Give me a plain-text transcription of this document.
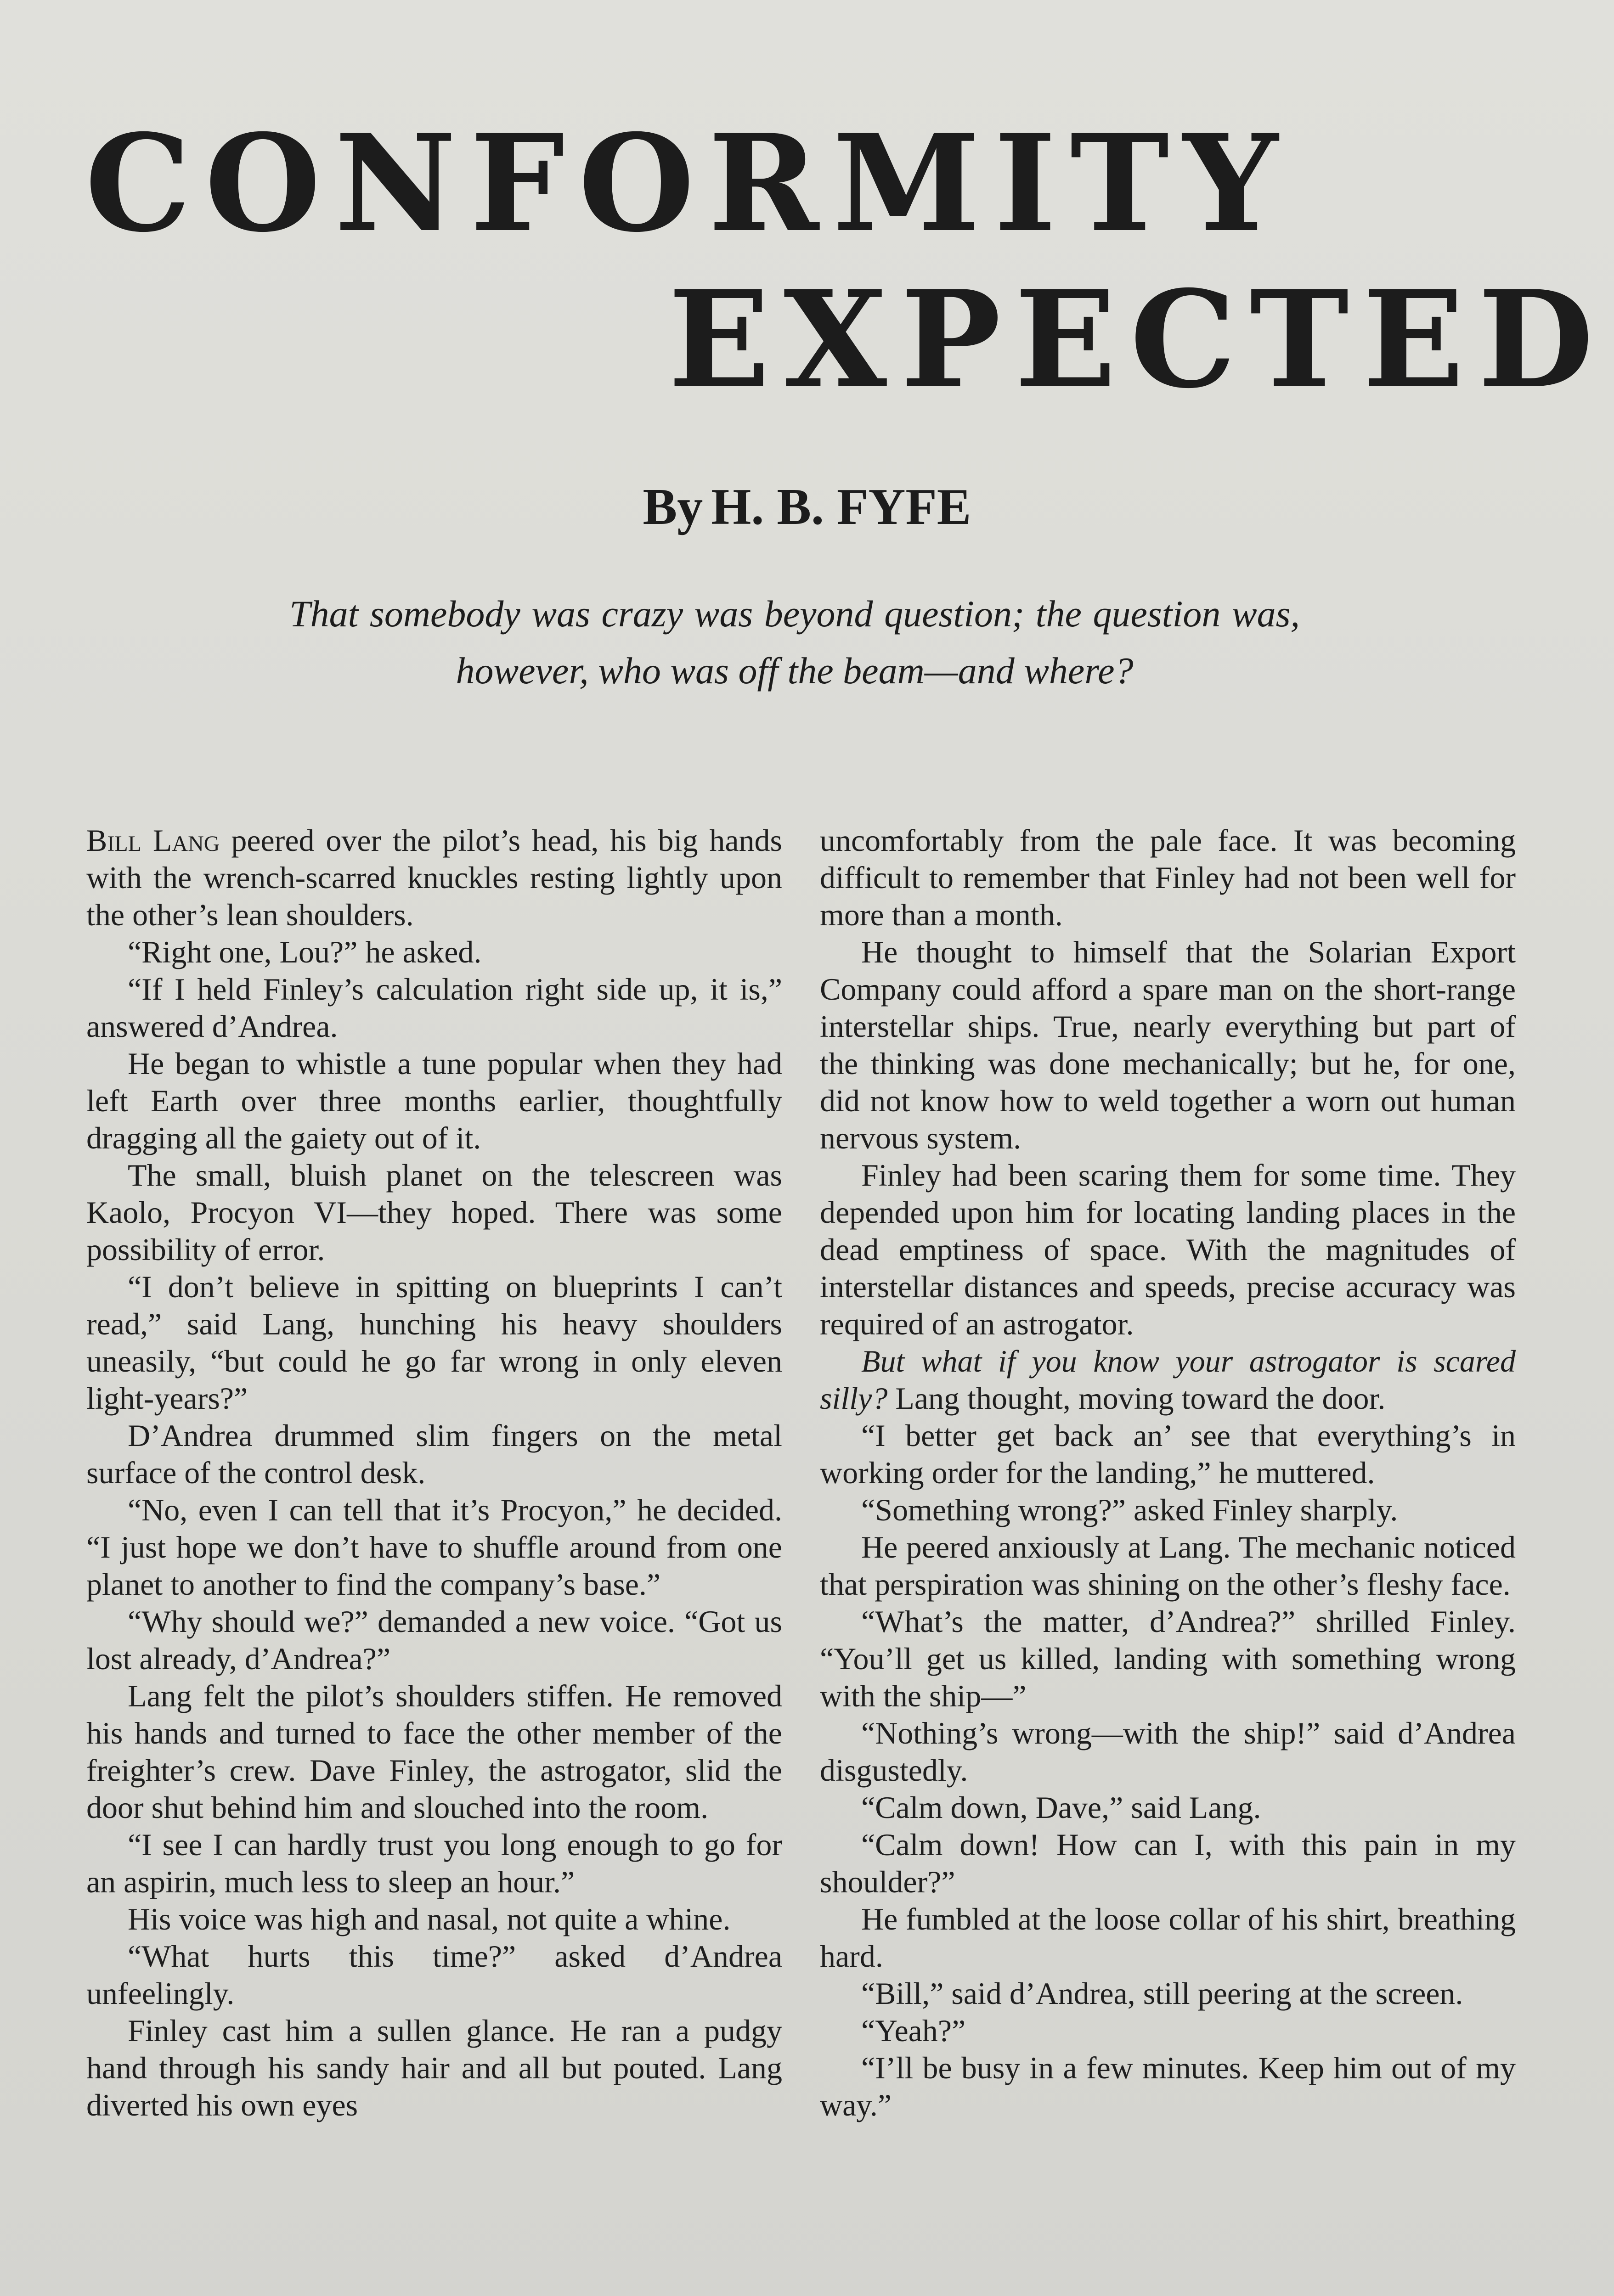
CONFORMITY
EXPECTED
By H. B. FYFE
That somebody was crazy was beyond question; the question was, however, who was off the beam—and where?

Bill Lang peered over the pilot’s head, his big hands with the wrench-scarred knuckles resting lightly upon the other’s lean shoulders.

“Right one, Lou?” he asked.

“If I held Finley’s calculation right side up, it is,” answered d’Andrea.

He began to whistle a tune popular when they had left Earth over three months earlier, thoughtfully dragging all the gaiety out of it.

The small, bluish planet on the telescreen was Kaolo, Procyon VI—they hoped. There was some possibility of error.

“I don’t believe in spitting on blueprints I can’t read,” said Lang, hunching his heavy shoulders uneasily, “but could he go far wrong in only eleven light-years?”

D’Andrea drummed slim fingers on the metal surface of the control desk.

“No, even I can tell that it’s Procyon,” he decided. “I just hope we don’t have to shuffle around from one planet to another to find the company’s base.”

“Why should we?” demanded a new voice. “Got us lost already, d’Andrea?”

Lang felt the pilot’s shoulders stiffen. He removed his hands and turned to face the other member of the freighter’s crew. Dave Finley, the astrogator, slid the door shut behind him and slouched into the room.

“I see I can hardly trust you long enough to go for an aspirin, much less to sleep an hour.”

His voice was high and nasal, not quite a whine.

“What hurts this time?” asked d’Andrea unfeelingly.

Finley cast him a sullen glance. He ran a pudgy hand through his sandy hair and all but pouted. Lang diverted his own eyes

uncomfortably from the pale face. It was becoming difficult to remember that Finley had not been well for more than a month.

He thought to himself that the Solarian Export Company could afford a spare man on the short-range interstellar ships. True, nearly everything but part of the thinking was done mechanically; but he, for one, did not know how to weld together a worn out human nervous system.

Finley had been scaring them for some time. They depended upon him for locating landing places in the dead emptiness of space. With the magnitudes of interstellar distances and speeds, precise accuracy was required of an astrogator.

But what if you know your astrogator is scared silly? Lang thought, moving toward the door.

“I better get back an’ see that everything’s in working order for the landing,” he muttered.

“Something wrong?” asked Finley sharply.

He peered anxiously at Lang. The mechanic noticed that perspiration was shining on the other’s fleshy face.

“What’s the matter, d’Andrea?” shrilled Finley. “You’ll get us killed, landing with something wrong with the ship—”

“Nothing’s wrong—with the ship!” said d’Andrea disgustedly.

“Calm down, Dave,” said Lang.

“Calm down! How can I, with this pain in my shoulder?”

He fumbled at the loose collar of his shirt, breathing hard.

“Bill,” said d’Andrea, still peering at the screen.

“Yeah?”

“I’ll be busy in a few minutes. Keep him out of my way.”
